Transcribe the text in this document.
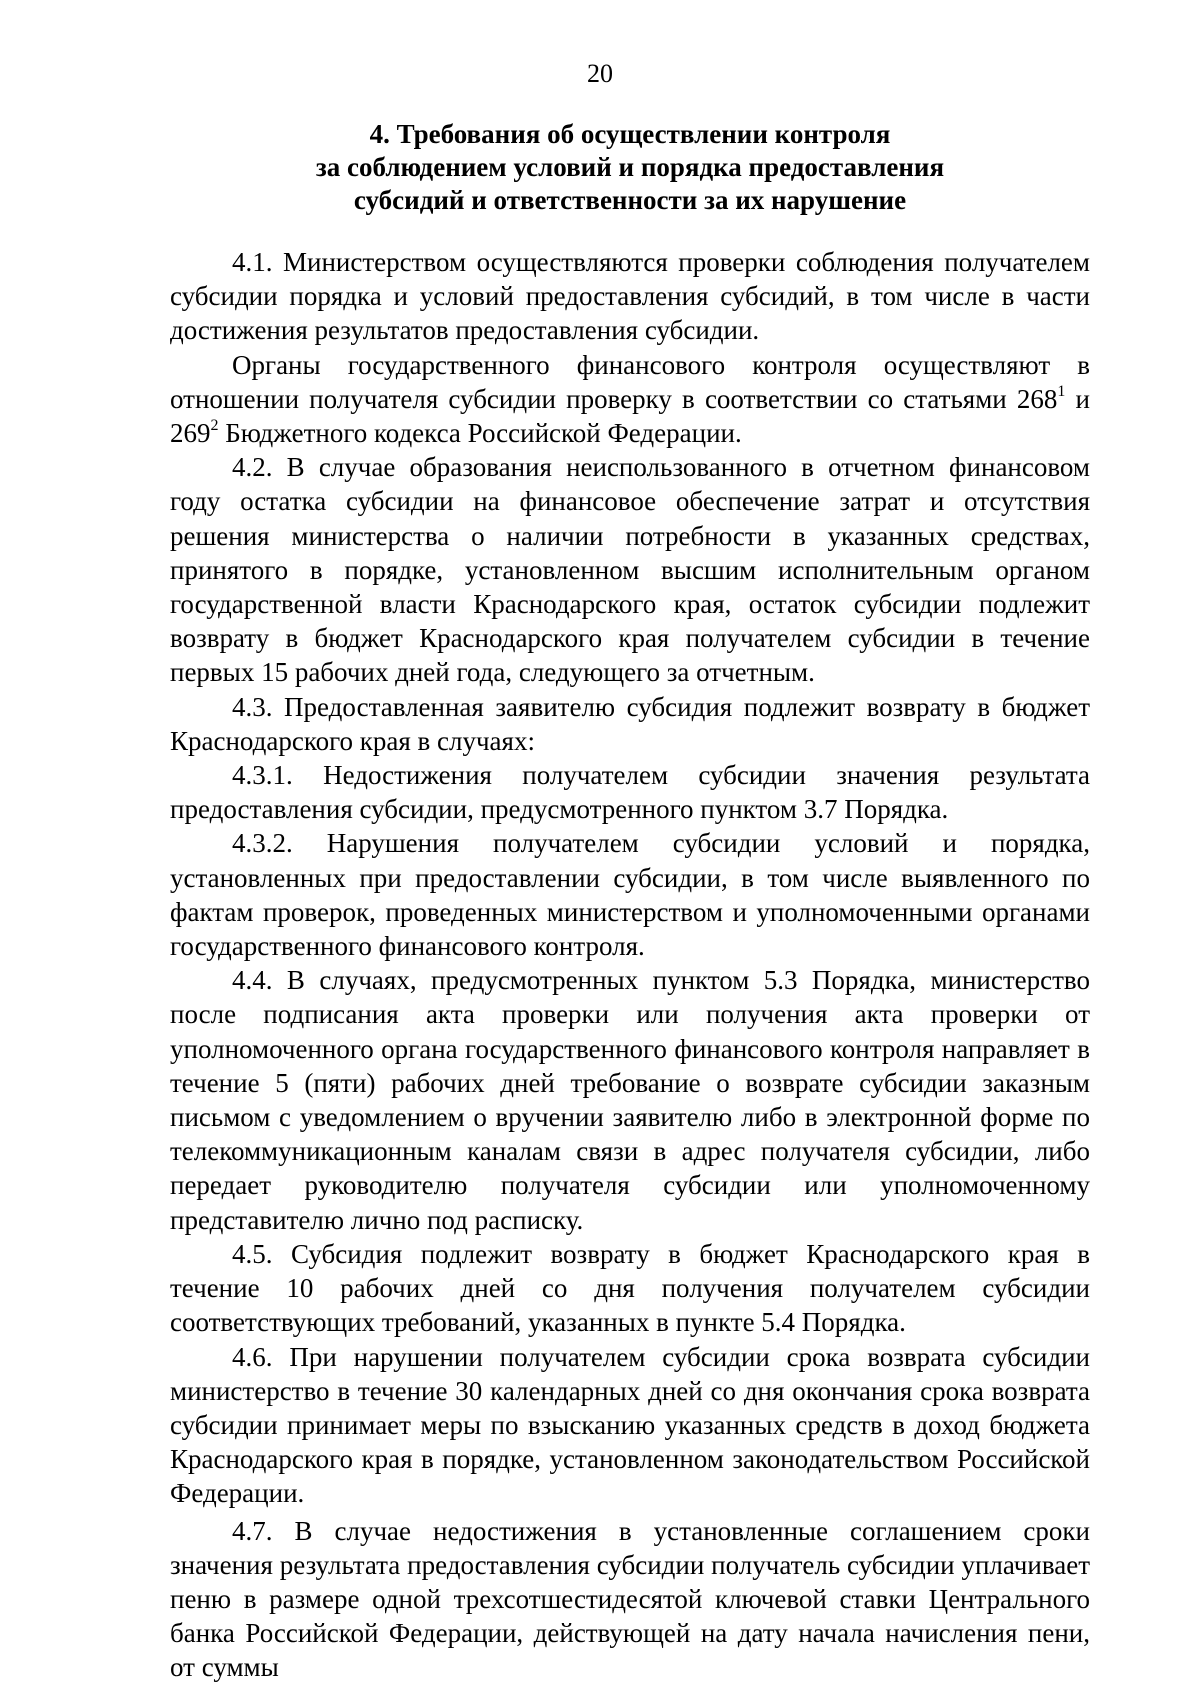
20
4. Требования об осуществлении контроля
за соблюдением условий и порядка предоставления
субсидий и ответственности за их нарушение

4.1. Министерством осуществляются проверки соблюдения получателем субсидии порядка и условий предоставления субсидий, в том числе в части достижения результатов предоставления субсидии.

Органы государственного финансового контроля осуществляют в отношении получателя субсидии проверку в соответствии со статьями $268^1$ и $269^2$ Бюджетного кодекса Российской Федерации.

4.2. В случае образования неиспользованного в отчетном финансовом году остатка субсидии на финансовое обеспечение затрат и отсутствия решения министерства о наличии потребности в указанных средствах, принятого в порядке, установленном высшим исполнительным органом государственной власти Краснодарского края, остаток субсидии подлежит возврату в бюджет Краснодарского края получателем субсидии в течение первых 15 рабочих дней года, следующего за отчетным.

4.3. Предоставленная заявителю субсидия подлежит возврату в бюджет Краснодарского края в случаях:

4.3.1. Недостижения получателем субсидии значения результата предоставления субсидии, предусмотренного пунктом 3.7 Порядка.

4.3.2. Нарушения получателем субсидии условий и порядка, установленных при предоставлении субсидии, в том числе выявленного по фактам проверок, проведенных министерством и уполномоченными органами государственного финансового контроля.

4.4. В случаях, предусмотренных пунктом 5.3 Порядка, министерство после подписания акта проверки или получения акта проверки от уполномоченного органа государственного финансового контроля направляет в течение 5 (пяти) рабочих дней требование о возврате субсидии заказным письмом с уведомлением о вручении заявителю либо в электронной форме по телекоммуникационным каналам связи в адрес получателя субсидии, либо передает руководителю получателя субсидии или уполномоченному представителю лично под расписку.

4.5. Субсидия подлежит возврату в бюджет Краснодарского края в течение 10 рабочих дней со дня получения получателем субсидии соответствующих требований, указанных в пункте 5.4 Порядка.

4.6. При нарушении получателем субсидии срока возврата субсидии министерство в течение 30 календарных дней со дня окончания срока возврата субсидии принимает меры по взысканию указанных средств в доход бюджета Краснодарского края в порядке, установленном законодательством Российской Федерации.

4.7. В случае недостижения в установленные соглашением сроки значения результата предоставления субсидии получатель субсидии уплачивает пеню в размере одной трехсотшестидесятой ключевой ставки Центрального банка Российской Федерации, действующей на дату начала начисления пени, от суммы
